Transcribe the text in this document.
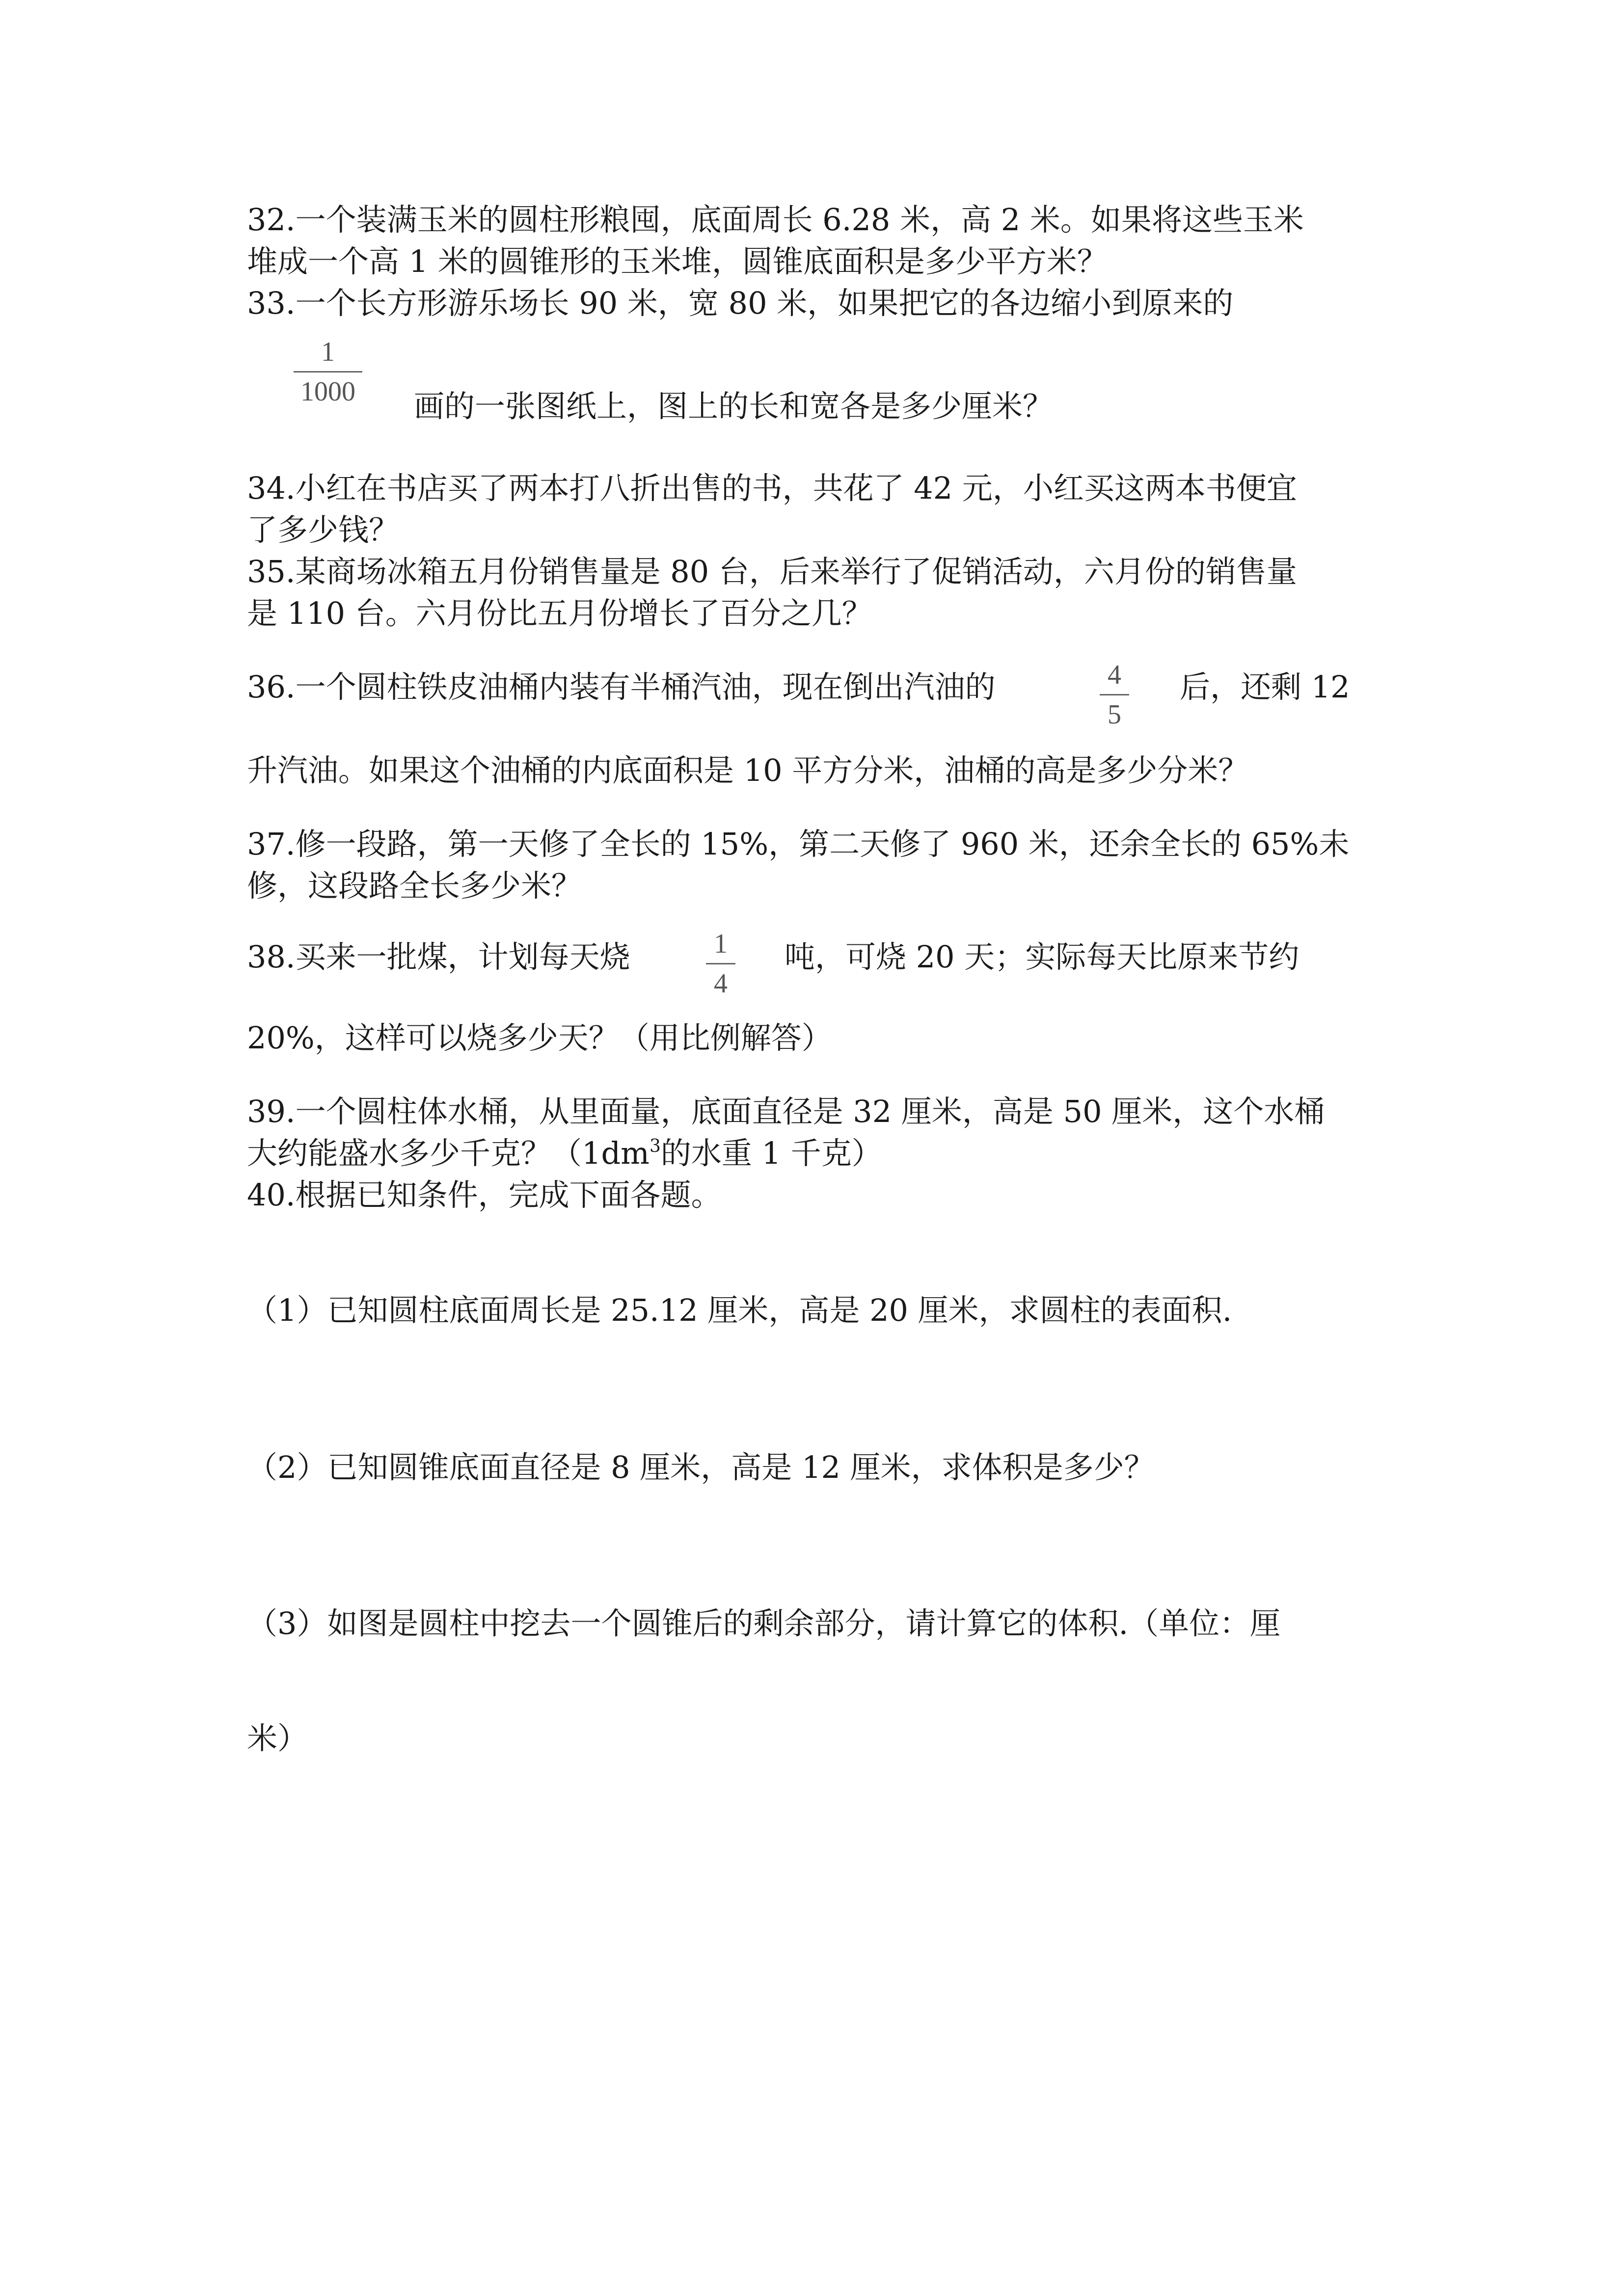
32.一个装满玉米的圆柱形粮囤，底面周长 6.28 米，高 2 米。如果将这些玉米
堆成一个高 1 米的圆锥形的玉米堆，圆锥底面积是多少平方米？
33.一个长方形游乐场长 90 米，宽 80 米，如果把它的各边缩小到原来的
1
1000 画的一张图纸上，图上的长和宽各是多少厘米？
34.小红在书店买了两本打八折出售的书，共花了 42 元，小红买这两本书便宜
了多少钱？
35.某商场冰箱五月份销售量是 80 台，后来举行了促销活动，六月份的销售量
是 110 台。六月份比五月份增长了百分之几？
36.一个圆柱铁皮油桶内装有半桶汽油，现在倒出汽油的	4
5
后，还剩 12
升汽油。如果这个油桶的内底面积是 10 平方分米，油桶的高是多少分米？
37.修一段路，第一天修了全长的 15%，第二天修了 960 米，还余全长的 65%未
修，这段路全长多少米？
38.买来一批煤，计划每天烧	1
4
吨，可烧 20 天；实际每天比原来节约
20%，这样可以烧多少天？（用比例解答）
39.一个圆柱体水桶，从里面量，底面直径是 32 厘米，高是 50 厘米，这个水桶
大约能盛水多少千克？（$1dm^3$的水重 1 千克）
40.根据已知条件，完成下面各题。
（1）已知圆柱底面周长是 25.12 厘米，高是 20 厘米，求圆柱的表面积.
（2）已知圆锥底面直径是 8 厘米，高是 12 厘米，求体积是多少？
（3）如图是圆柱中挖去一个圆锥后的剩余部分，请计算它的体积.（单位：厘
米）
